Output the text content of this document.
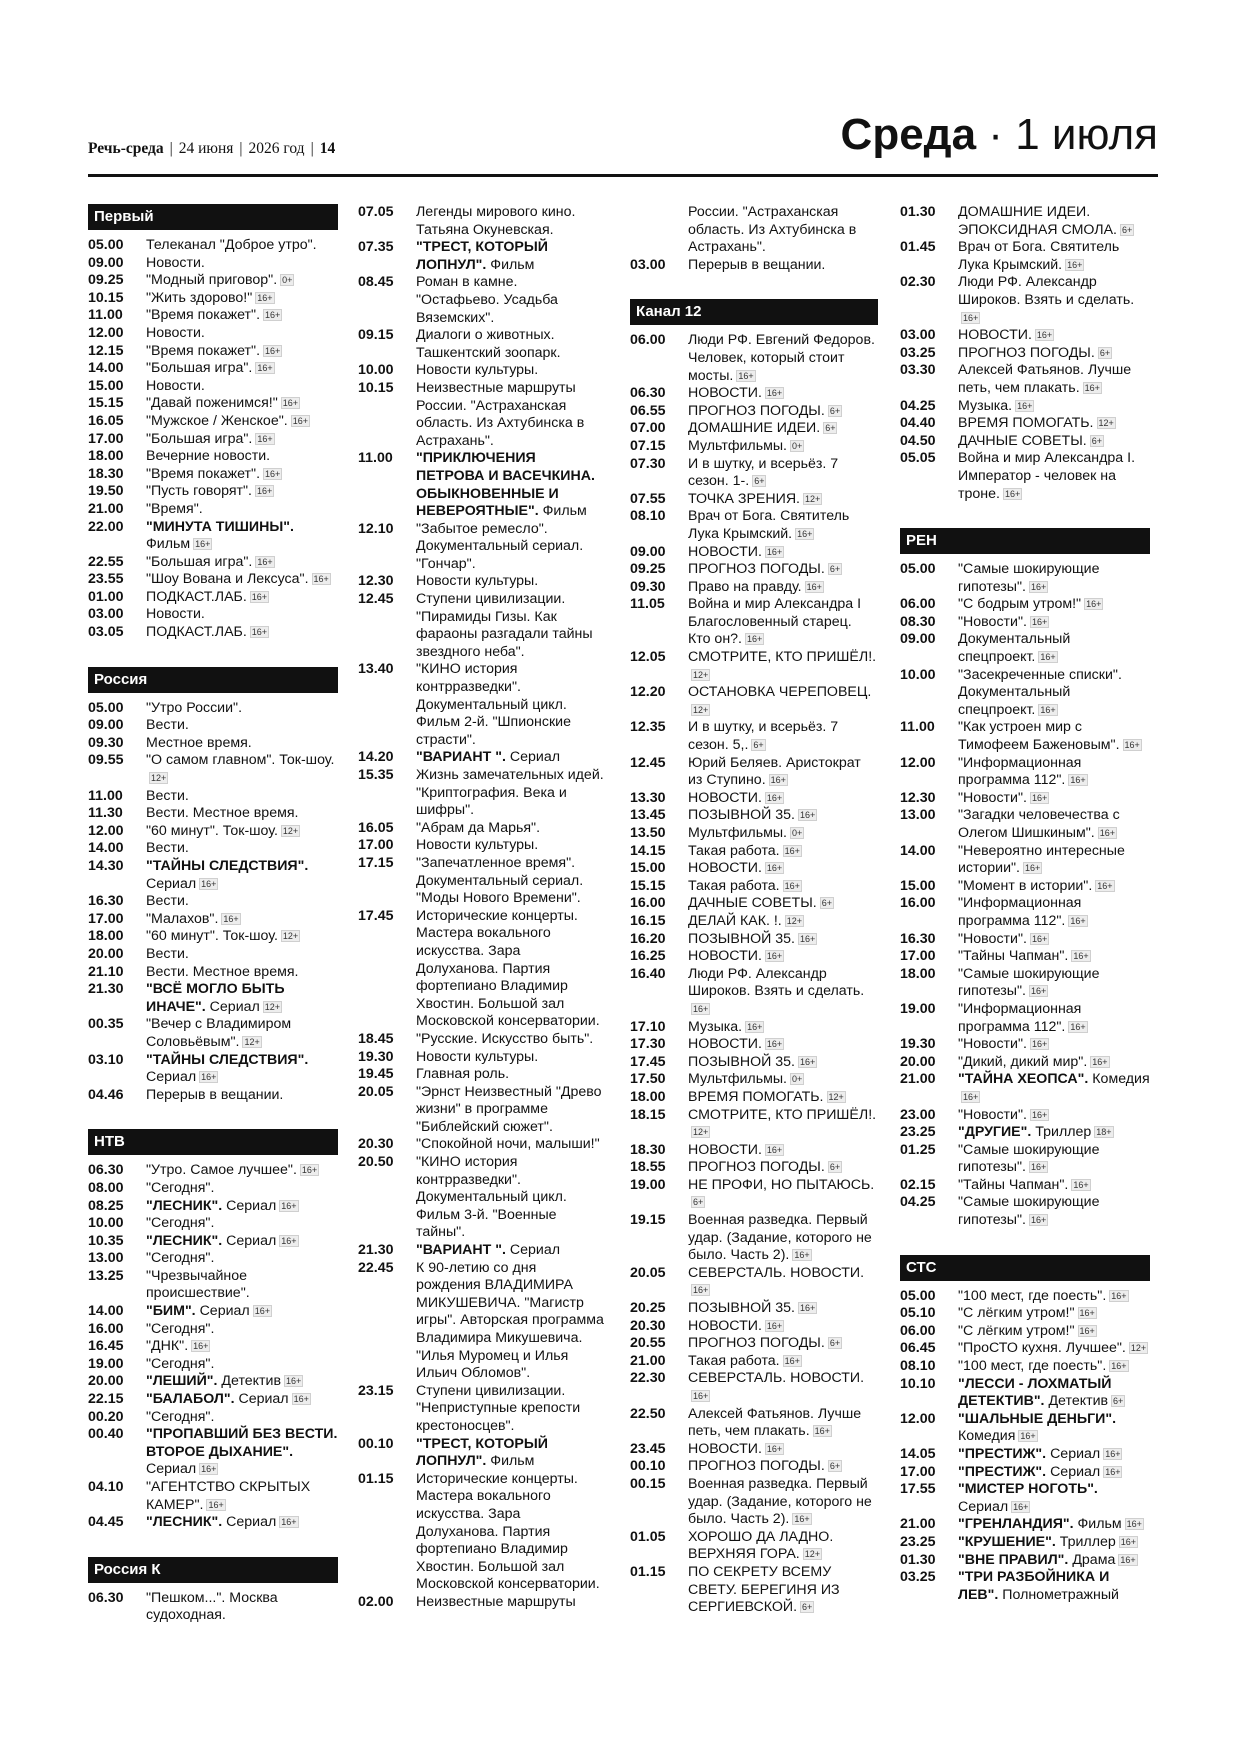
Речь-среда | 24 июня | 2026 год | 14	Среда · 1 июля
Первый
05.00	Телеканал "Доброе утро".
09.00	Новости.
09.25	"Модный приговор". 0+
10.15	"Жить здорово!" 16+
11.00	"Время покажет". 16+
12.00	Новости.
12.15	"Время покажет". 16+
14.00	"Большая игра". 16+
15.00	Новости.
15.15	"Давай поженимся!" 16+
16.05	"Мужское / Женское". 16+
17.00	"Большая игра". 16+
18.00	Вечерние новости.
18.30	"Время покажет". 16+
19.50	"Пусть говорят". 16+
21.00	"Время".
22.00	"МИНУТА ТИШИНЫ". Фильм 16+
22.55	"Большая игра". 16+
23.55	"Шоу Вована и Лексуса". 16+
01.00	ПОДКАСТ.ЛАБ. 16+
03.00	Новости.
03.05	ПОДКАСТ.ЛАБ. 16+
Россия
05.00	"Утро России".
09.00	Вести.
09.30	Местное время.
09.55	"О самом главном". Ток-шоу.12+
11.00	Вести.
11.30	Вести. Местное время.
12.00	"60 минут". Ток-шоу. 12+
14.00	Вести.
14.30	"ТАЙНЫ СЛЕДСТВИЯ". Сериал 16+
16.30	Вести.
17.00	"Малахов". 16+
18.00	"60 минут". Ток-шоу. 12+
20.00	Вести.
21.10	Вести. Местное время.
21.30	"ВСЁ МОГЛО БЫТЬ ИНАЧЕ". Сериал 12+
00.35	"Вечер с Владимиром Соловьёвым". 12+
03.10	"ТАЙНЫ СЛЕДСТВИЯ". Сериал 16+
04.46	Перерыв в вещании.
НТВ
06.30	"Утро. Самое лучшее". 16+
08.00	"Сегодня".
08.25	"ЛЕСНИК". Сериал 16+
10.00	"Сегодня".
10.35	"ЛЕСНИК". Сериал 16+
13.00	"Сегодня".
13.25	"Чрезвычайное происшествие".
14.00	"БИМ". Сериал 16+
16.00	"Сегодня".
16.45	"ДНК". 16+
19.00	"Сегодня".
20.00	"ЛЕШИЙ". Детектив 16+
22.15	"БАЛАБОЛ". Сериал 16+
00.20	"Сегодня".
00.40	"ПРОПАВШИЙ БЕЗ ВЕСТИ. ВТОРОЕ ДЫХАНИЕ". Сериал 16+
04.10	"АГЕНТСТВО СКРЫТЫХ КАМЕР". 16+
04.45	"ЛЕСНИК". Сериал 16+
Россия К
06.30	"Пешком...". Москва судоходная.
07.05	Легенды мирового кино. Татьяна Окуневская.
07.35	"ТРЕСТ, КОТОРЫЙ ЛОПНУЛ". Фильм
08.45	Роман в камне. "Остафьево. Усадьба Вяземских".
09.15	Диалоги о животных. Ташкентский зоопарк.
10.00	Новости культуры.
10.15	Неизвестные маршруты России. "Астраханская область. Из Ахтубинска в Астрахань".
11.00	"ПРИКЛЮЧЕНИЯ ПЕТРОВА И ВАСЕЧКИНА. ОБЫКНОВЕННЫЕ И НЕВЕРОЯТНЫЕ". Фильм
12.10	"Забытое ремесло". Документальный сериал. "Гончар".
12.30	Новости культуры.
12.45	Ступени цивилизации. "Пирамиды Гизы. Как фараоны разгадали тайны звездного неба".
13.40	"КИНО история контрразведки". Документальный цикл. Фильм 2-й. "Шпионские страсти".
14.20	"ВАРИАНТ ". Сериал
15.35	Жизнь замечательных идей. "Криптография. Века и шифры".
16.05	"Абрам да Марья".
17.00	Новости культуры.
17.15	"Запечатленное время". Документальный сериал. "Моды Нового Времени".
17.45	Исторические концерты. Мастера вокального искусства. Зара Долуханова. Партия фортепиано Владимир Хвостин. Большой зал Московской консерватории.
18.45	"Русские. Искусство быть".
19.30	Новости культуры.
19.45	Главная роль.
20.05	"Эрнст Неизвестный "Древо жизни" в программе "Библейский сюжет".
20.30	"Спокойной ночи, малыши!"
20.50	"КИНО история контрразведки". Документальный цикл. Фильм 3-й. "Военные тайны".
21.30	"ВАРИАНТ ". Сериал
22.45	К 90-летию со дня рождения ВЛАДИМИРА МИКУШЕВИЧА. "Магистр игры". Авторская программа Владимира Микушевича. "Илья Муромец и Илья Ильич Обломов".
23.15	Ступени цивилизации. "Неприступные крепости крестоносцев".
00.10	"ТРЕСТ, КОТОРЫЙ ЛОПНУЛ". Фильм
01.15	Исторические концерты. Мастера вокального искусства. Зара Долуханова. Партия фортепиано Владимир Хвостин. Большой зал Московской консерватории.
02.00	Неизвестные маршруты
России. "Астраханская область. Из Ахтубинска в Астрахань".
03.00	Перерыв в вещании.
Канал 12
06.00	Люди РФ. Евгений Федоров. Человек, который стоит мосты. 16+
06.30	НОВОСТИ. 16+
06.55	ПРОГНОЗ ПОГОДЫ. 6+
07.00	ДОМАШНИЕ ИДЕИ. 6+
07.15	Мультфильмы. 0+
07.30	И в шутку, и всерьёз. 7 сезон. 1-. 6+
07.55	ТОЧКА ЗРЕНИЯ. 12+
08.10	Врач от Бога. Святитель Лука Крымский. 16+
09.00	НОВОСТИ. 16+
09.25	ПРОГНОЗ ПОГОДЫ. 6+
09.30	Право на правду. 16+
11.05	Война и мир Александра I Благословенный старец. Кто он?. 16+
12.05	СМОТРИТЕ, КТО ПРИШЁЛ!.12+
12.20	ОСТАНОВКА ЧЕРЕПОВЕЦ.12+
12.35	И в шутку, и всерьёз. 7 сезон. 5,. 6+
12.45	Юрий Беляев. Аристократ из Ступино. 16+
13.30	НОВОСТИ. 16+
13.45	ПОЗЫВНОЙ 35. 16+
13.50	Мультфильмы. 0+
14.15	Такая работа. 16+
15.00	НОВОСТИ. 16+
15.15	Такая работа. 16+
16.00	ДАЧНЫЕ СОВЕТЫ. 6+
16.15	ДЕЛАЙ КАК. !. 12+
16.20	ПОЗЫВНОЙ 35. 16+
16.25	НОВОСТИ. 16+
16.40	Люди РФ. Александр Широков. Взять и сделать.16+
17.10	Музыка. 16+
17.30	НОВОСТИ. 16+
17.45	ПОЗЫВНОЙ 35. 16+
17.50	Мультфильмы. 0+
18.00	ВРЕМЯ ПОМОГАТЬ. 12+
18.15	СМОТРИТЕ, КТО ПРИШЁЛ!.12+
18.30	НОВОСТИ. 16+
18.55	ПРОГНОЗ ПОГОДЫ. 6+
19.00	НЕ ПРОФИ, НО ПЫТАЮСЬ.6+
19.15	Военная разведка. Первый удар. (Задание, которого не было. Часть 2). 16+
20.05	СЕВЕРСТАЛЬ. НОВОСТИ.16+
20.25	ПОЗЫВНОЙ 35. 16+
20.30	НОВОСТИ. 16+
20.55	ПРОГНОЗ ПОГОДЫ. 6+
21.00	Такая работа. 16+
22.30	СЕВЕРСТАЛЬ. НОВОСТИ.16+
22.50	Алексей Фатьянов. Лучше петь, чем плакать. 16+
23.45	НОВОСТИ. 16+
00.10	ПРОГНОЗ ПОГОДЫ. 6+
00.15	Военная разведка. Первый удар. (Задание, которого не было. Часть 2). 16+
01.05	ХОРОШО ДА ЛАДНО. ВЕРХНЯЯ ГОРА. 12+
01.15	ПО СЕКРЕТУ ВСЕМУ СВЕТУ. БЕРЕГИНЯ ИЗ СЕРГИЕВСКОЙ. 6+
01.30	ДОМАШНИЕ ИДЕИ. ЭПОКСИДНАЯ СМОЛА. 6+
01.45	Врач от Бога. Святитель Лука Крымский. 16+
02.30	Люди РФ. Александр Широков. Взять и сделать.16+
03.00	НОВОСТИ. 16+
03.25	ПРОГНОЗ ПОГОДЫ. 6+
03.30	Алексей Фатьянов. Лучше петь, чем плакать. 16+
04.25	Музыка. 16+
04.40	ВРЕМЯ ПОМОГАТЬ. 12+
04.50	ДАЧНЫЕ СОВЕТЫ. 6+
05.05	Война и мир Александра I. Император - человек на троне. 16+
РЕН
05.00	"Самые шокирующие гипотезы". 16+
06.00	"С бодрым утром!" 16+
08.30	"Новости". 16+
09.00	Документальный спецпроект. 16+
10.00	"Засекреченные списки". Документальный спецпроект. 16+
11.00	"Как устроен мир с Тимофеем Баженовым". 16+
12.00	"Информационная программа 112". 16+
12.30	"Новости". 16+
13.00	"Загадки человечества с Олегом Шишкиным". 16+
14.00	"Невероятно интересные истории". 16+
15.00	"Момент в истории". 16+
16.00	"Информационная программа 112". 16+
16.30	"Новости". 16+
17.00	"Тайны Чапман". 16+
18.00	"Самые шокирующие гипотезы". 16+
19.00	"Информационная программа 112". 16+
19.30	"Новости". 16+
20.00	"Дикий, дикий мир". 16+
21.00	"ТАЙНА ХЕОПСА". Комедия16+
23.00	"Новости". 16+
23.25	"ДРУГИЕ". Триллер 18+
01.25	"Самые шокирующие гипотезы". 16+
02.15	"Тайны Чапман". 16+
04.25	"Самые шокирующие гипотезы". 16+
СТС
05.00	"100 мест, где поесть". 16+
05.10	"С лёгким утром!" 16+
06.00	"С лёгким утром!" 16+
06.45	"ПроСТО кухня. Лучшее". 12+
08.10	"100 мест, где поесть". 16+
10.10	"ЛЕССИ - ЛОХМАТЫЙ ДЕТЕКТИВ". Детектив 6+
12.00	"ШАЛЬНЫЕ ДЕНЬГИ". Комедия 16+
14.05	"ПРЕСТИЖ". Сериал 16+
17.00	"ПРЕСТИЖ". Сериал 16+
17.55	"МИСТЕР НОГОТЬ". Сериал 16+
21.00	"ГРЕНЛАНДИЯ". Фильм 16+
23.25	"КРУШЕНИЕ". Триллер 16+
01.30	"ВНЕ ПРАВИЛ". Драма 16+
03.25	"ТРИ РАЗБОЙНИКА И ЛЕВ". Полнометражный
